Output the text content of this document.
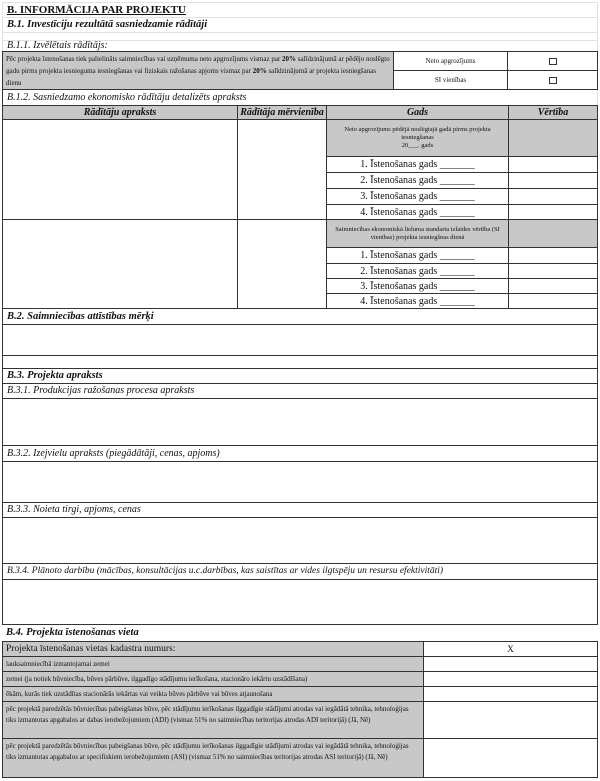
B. INFORMĀCIJA PAR PROJEKTU
B.1. Investīciju rezultātā sasniedzamie rādītāji
B.1.1. Izvēlētais rādītājs:
Pēc projekta īstenošanas tiek palielināts saimniecības vai uzņēmuma neto apgrozījums vismaz par 20% salīdzinājumā ar pēdējo noslēgto gadu pirms projekta iesnieguma iesniegšanas vai fiziskais ražošanas apjoms vismaz par 20% salīdzinājumā ar projekta iesniegšanas dienu
Neto apgrozījums
SI vienības
B.1.2. Sasniedzamo ekonomisko rādītāju detalizēts apraksts
Rādītāju apraksts	Rādītāja mērvienība	Gads	Vērtība
Neto apgrozījums pēdējā noslēgtajā gadā pirms projekta iesniegšanas
20___. gads
1. Īstenošanas gads _______
2. Īstenošanas gads _______
3. Īstenošanas gads _______
4. Īstenošanas gads _______
Saimniecības ekonomiskā lieluma standarta izlaides vērtība (SI vienības) projekta iesniegšnas dienā
1. Īstenošanas gads _______
2. Īstenošanas gads _______
3. Īstenošanas gads _______
4. Īstenošanas gads _______
B.2. Saimniecības attīstības mērķi
B.3. Projekta apraksts
B.3.1. Produkcijas ražošanas procesa apraksts
B.3.2. Izejvielu apraksts (piegādātāji, cenas, apjoms)
B.3.3. Noieta tirgi, apjoms, cenas
B.3.4. Plānoto darbību (mācības, konsultācijas u.c.darbības, kas saistītas ar vides ilgtspēju un resursu efektivitāti)
B.4. Projekta īstenošanas vieta
Projekta īstenošanas vietas kadastra numurs:	X
lauksaimniecībā izmantojamai zemei
zemei (ja notiek būvniecība, būves pārbūve, ilggadīgo stādījumu ierīkošana, stacionāro iekārtu uzstādīšana)
ēkām, kurās tiek uzstādītas stacionārās iekārtas vai veikta būves pārbūve vai būves atjaunošana
pēc projektā paredzētās būvniecības pabeigšanas būve, pēc stādījumu ierīkošanas ilggadīgie stādījumi atrodas vai iegādātā tehnika, tehnoloģijas tiks izmantotas apgabalos ar dabas ierobežojumiem (ADI) (vismaz 51% no saimniecības teritorijas atrodas ADI teritorijā) (Jā, Nē)
pēc projektā paredzētās būvniecības pabeigšanas būve, pēc stādījumu ierīkošanas ilggadīgie stādījumi atrodas vai iegādātā tehnika, tehnoloģijas tiks izmantotas apgabalos ar specifiskiem ierobežojumiem (ASI) (vismaz 51% no saimniecības teritorijas atrodas ASI teritorijā) (Jā, Nē)
